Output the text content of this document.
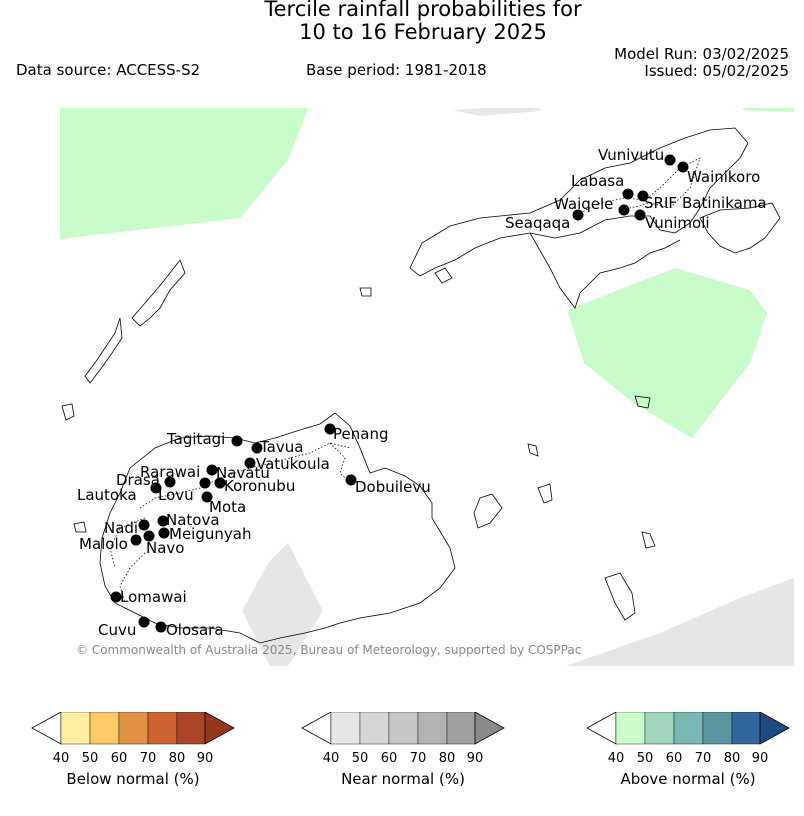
Tercile rainfall probabilities for
10 to 16 February 2025
Data source: ACCESS-S2	Base period: 1981-2018
Model Run: 03/02/2025
Issued: 05/02/2025
Vunivutu
Wainikoro
Labasa
SRIF Batinikama
Waiqele
Seaqaqa	Vunimoli
Tagitagi Tavua
Penang
Vatukoula
Rarawai Navatu
Drasa	Koronubu	Dobuilevu
Lautoka Lovu
Mota
Nadi Natova
Meigunyah
Malolo Navo
Lomawai
Cuvu Olosara
© Commonwealth of Australia 2025, Bureau of Meteorology, supported by COSPPac
40 50 60 70 80 90
Below normal (%)
40 50 60 70 80 90
Near normal (%)
40 50 60 70 80 90
Above normal (%)
